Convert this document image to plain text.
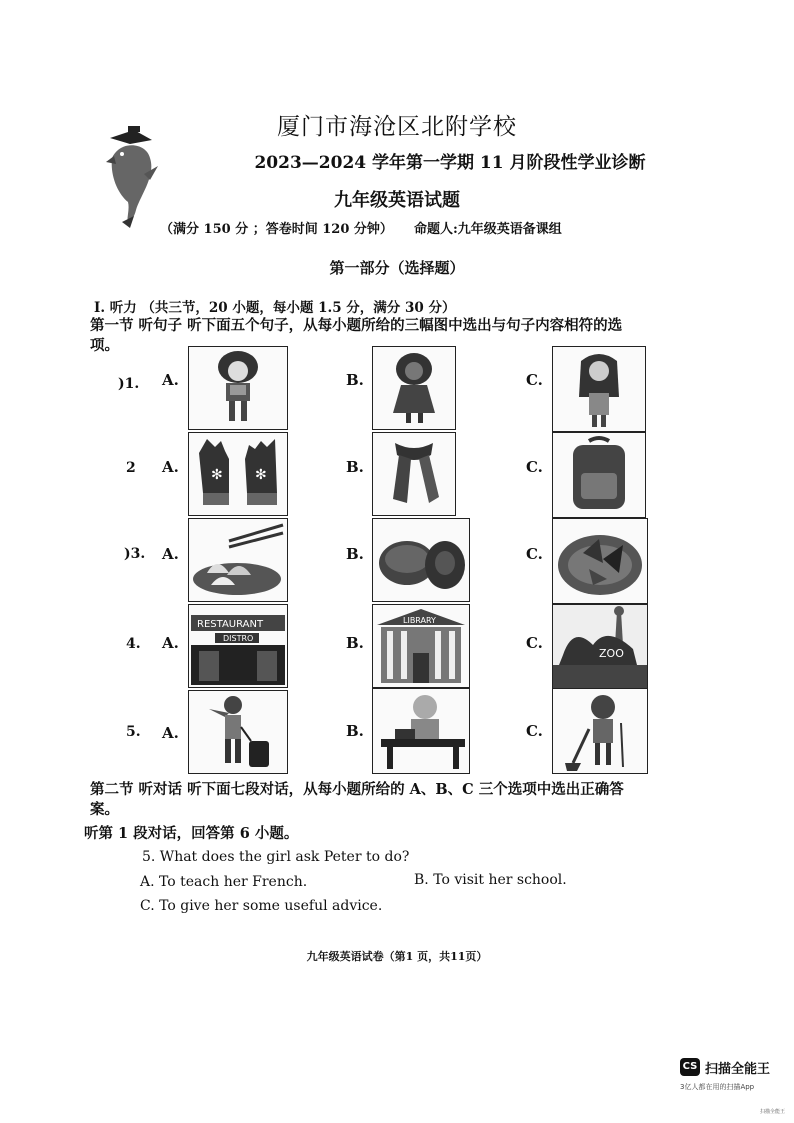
厦门市海沧区北附学校
2023—2024 学年第一学期 11 月阶段性学业诊断
九年级英语试题
（满分 150 分 ；答卷时间 120 分钟） 命题人:九年级英语备课组
第一部分（选择题）
I. 听力 （共三节，20 小题，每小题 1.5 分，满分 30 分）
第一节 听句子 听下面五个句子，从每小题所给的三幅图中选出与句子内容相符的选
项。
)1. A.	B.	C.
2 A.	B.	C.
)3. A.	B.	C.
4. A.	B.	C.
5. A.	B.	C.
✻ ✻
RESTAURANT
DISTRO
LIBRARY
ZOO
第二节 听对话 听下面七段对话，从每小题所给的 A、B、C 三个选项中选出正确答
案。
听第 1 段对话，回答第 6 小题。
5. What does the girl ask Peter to do?
A. To teach her French.	B. To visit her school.
C. To give her some useful advice.
九年级英语试卷（第1 页，共11页）
CS 扫描全能王
3亿人都在用的扫描App
扫描全能王
